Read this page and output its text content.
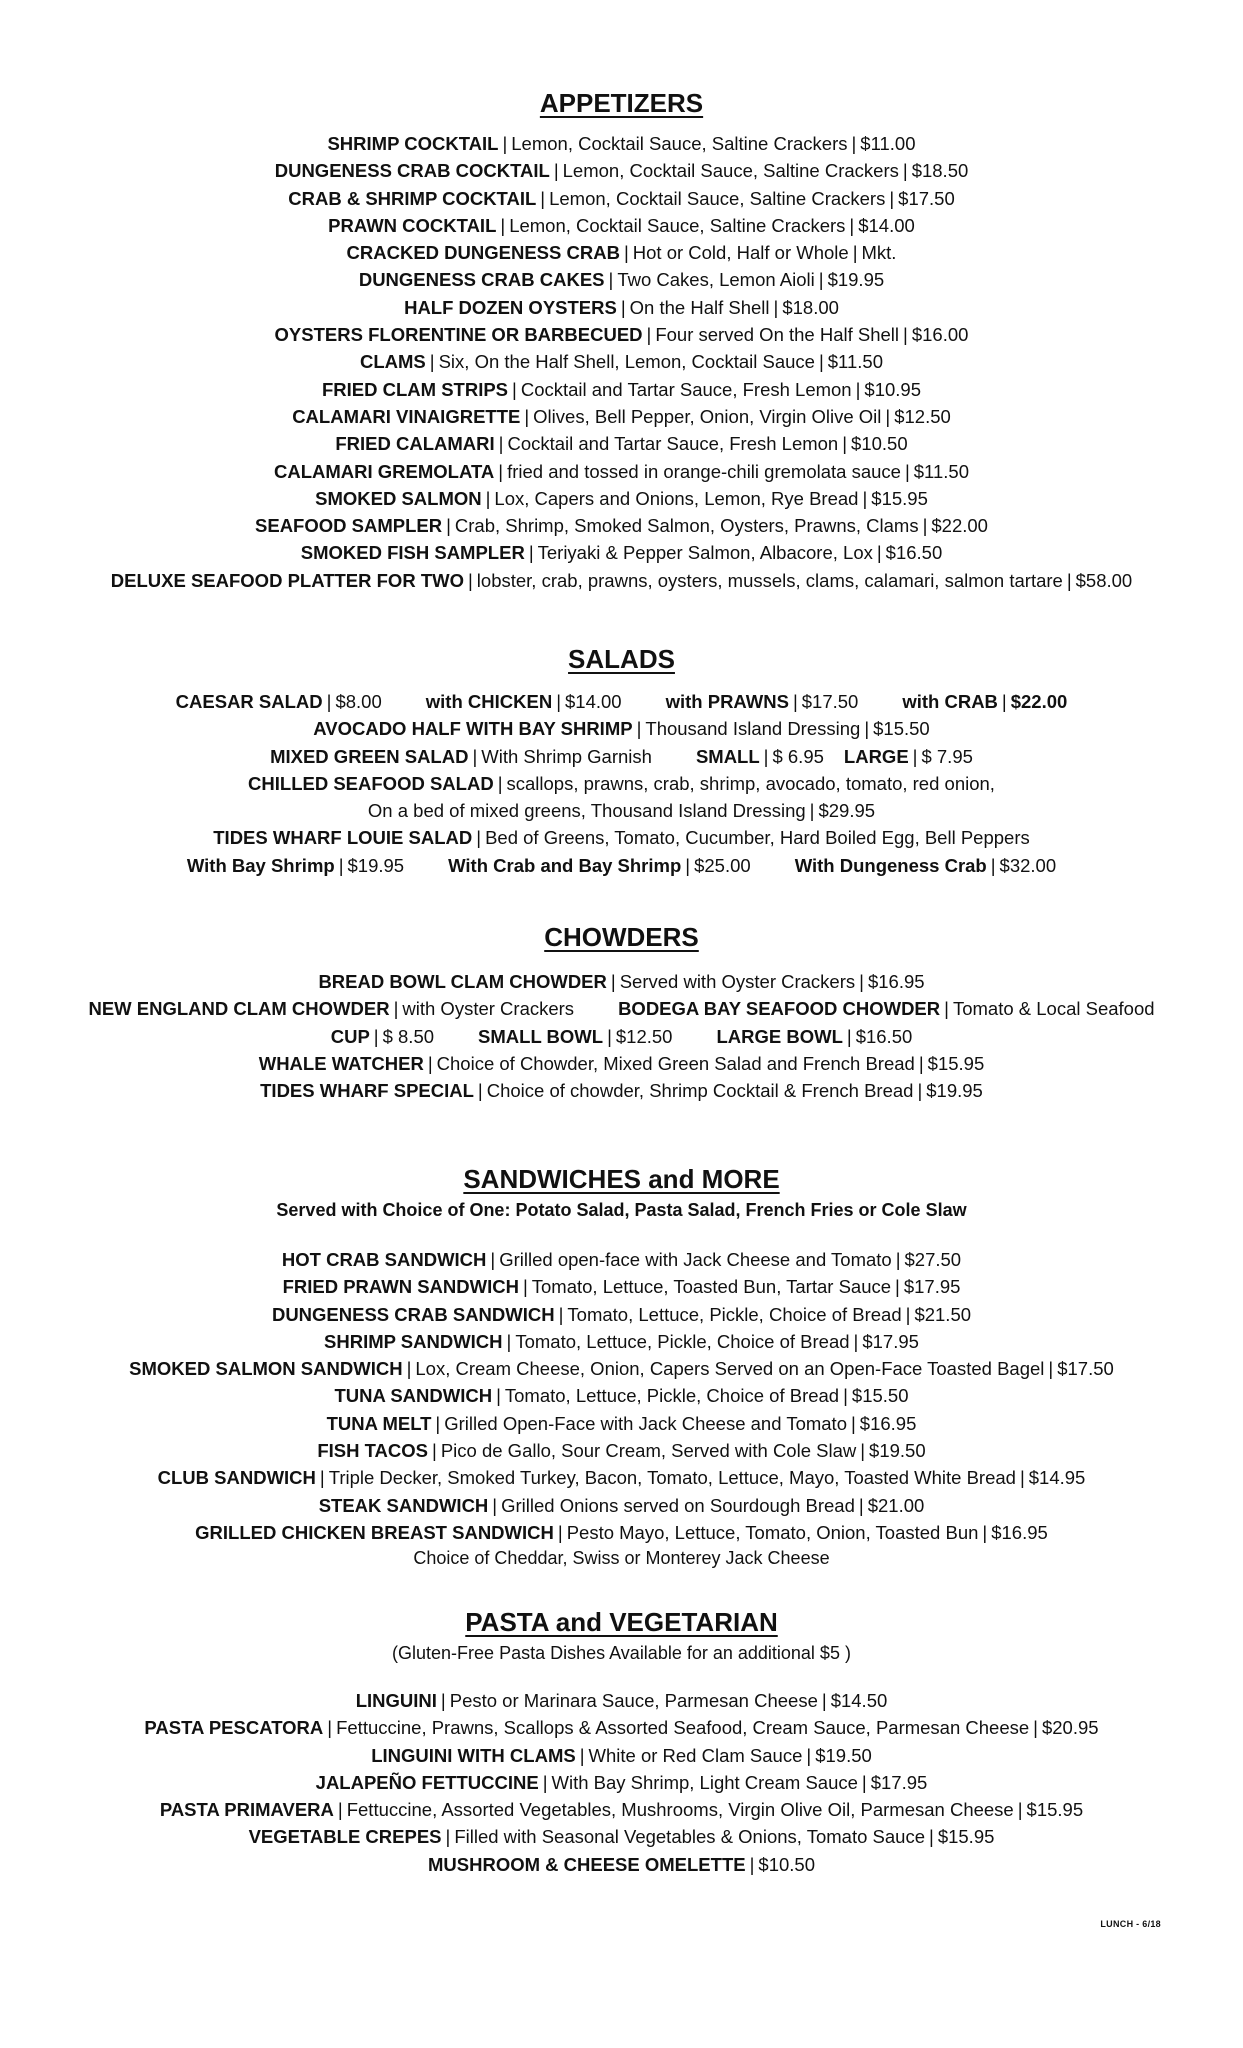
APPETIZERS
SHRIMP COCKTAIL | Lemon, Cocktail Sauce, Saltine Crackers | $11.00
DUNGENESS CRAB COCKTAIL | Lemon, Cocktail Sauce, Saltine Crackers | $18.50
CRAB & SHRIMP COCKTAIL | Lemon, Cocktail Sauce, Saltine Crackers | $17.50
PRAWN COCKTAIL | Lemon, Cocktail Sauce, Saltine Crackers | $14.00
CRACKED DUNGENESS CRAB | Hot or Cold, Half or Whole | Mkt.
DUNGENESS CRAB CAKES | Two Cakes, Lemon Aioli | $19.95
HALF DOZEN OYSTERS | On the Half Shell | $18.00
OYSTERS FLORENTINE OR BARBECUED | Four served On the Half Shell | $16.00
CLAMS | Six, On the Half Shell, Lemon, Cocktail Sauce | $11.50
FRIED CLAM STRIPS | Cocktail and Tartar Sauce, Fresh Lemon | $10.95
CALAMARI VINAIGRETTE | Olives, Bell Pepper, Onion, Virgin Olive Oil | $12.50
FRIED CALAMARI | Cocktail and Tartar Sauce, Fresh Lemon | $10.50
CALAMARI GREMOLATA | fried and tossed in orange-chili gremolata sauce | $11.50
SMOKED SALMON | Lox, Capers and Onions, Lemon, Rye Bread | $15.95
SEAFOOD SAMPLER | Crab, Shrimp, Smoked Salmon, Oysters, Prawns, Clams | $22.00
SMOKED FISH SAMPLER | Teriyaki & Pepper Salmon, Albacore, Lox | $16.50
DELUXE SEAFOOD PLATTER FOR TWO | lobster, crab, prawns, oysters, mussels, clams, calamari, salmon tartare | $58.00
SALADS
CAESAR SALAD | $8.00 with CHICKEN | $14.00 with PRAWNS | $17.50 with CRAB | $22.00
AVOCADO HALF WITH BAY SHRIMP | Thousand Island Dressing | $15.50
MIXED GREEN SALAD | With Shrimp Garnish SMALL | $ 6.95 LARGE | $ 7.95
CHILLED SEAFOOD SALAD | scallops, prawns, crab, shrimp, avocado, tomato, red onion,
On a bed of mixed greens, Thousand Island Dressing | $29.95
TIDES WHARF LOUIE SALAD | Bed of Greens, Tomato, Cucumber, Hard Boiled Egg, Bell Peppers
With Bay Shrimp | $19.95 With Crab and Bay Shrimp | $25.00 With Dungeness Crab | $32.00
CHOWDERS
BREAD BOWL CLAM CHOWDER | Served with Oyster Crackers | $16.95
NEW ENGLAND CLAM CHOWDER | with Oyster Crackers BODEGA BAY SEAFOOD CHOWDER | Tomato & Local Seafood
CUP | $ 8.50 SMALL BOWL | $12.50 LARGE BOWL | $16.50
WHALE WATCHER | Choice of Chowder, Mixed Green Salad and French Bread | $15.95
TIDES WHARF SPECIAL | Choice of chowder, Shrimp Cocktail & French Bread | $19.95
SANDWICHES and MORE

Served with Choice of One: Potato Salad, Pasta Salad, French Fries or Cole Slaw

HOT CRAB SANDWICH | Grilled open-face with Jack Cheese and Tomato | $27.50
FRIED PRAWN SANDWICH | Tomato, Lettuce, Toasted Bun, Tartar Sauce | $17.95
DUNGENESS CRAB SANDWICH | Tomato, Lettuce, Pickle, Choice of Bread | $21.50
SHRIMP SANDWICH | Tomato, Lettuce, Pickle, Choice of Bread | $17.95
SMOKED SALMON SANDWICH | Lox, Cream Cheese, Onion, Capers Served on an Open-Face Toasted Bagel | $17.50
TUNA SANDWICH | Tomato, Lettuce, Pickle, Choice of Bread | $15.50
TUNA MELT | Grilled Open-Face with Jack Cheese and Tomato | $16.95
FISH TACOS | Pico de Gallo, Sour Cream, Served with Cole Slaw | $19.50
CLUB SANDWICH | Triple Decker, Smoked Turkey, Bacon, Tomato, Lettuce, Mayo, Toasted White Bread | $14.95
STEAK SANDWICH | Grilled Onions served on Sourdough Bread | $21.00
GRILLED CHICKEN BREAST SANDWICH | Pesto Mayo, Lettuce, Tomato, Onion, Toasted Bun | $16.95

Choice of Cheddar, Swiss or Monterey Jack Cheese

PASTA and VEGETARIAN

(Gluten-Free Pasta Dishes Available for an additional $5 )

LINGUINI | Pesto or Marinara Sauce, Parmesan Cheese | $14.50
PASTA PESCATORA | Fettuccine, Prawns, Scallops & Assorted Seafood, Cream Sauce, Parmesan Cheese | $20.95
LINGUINI WITH CLAMS | White or Red Clam Sauce | $19.50
JALAPEÑO FETTUCCINE | With Bay Shrimp, Light Cream Sauce | $17.95
PASTA PRIMAVERA | Fettuccine, Assorted Vegetables, Mushrooms, Virgin Olive Oil, Parmesan Cheese | $15.95
VEGETABLE CREPES | Filled with Seasonal Vegetables & Onions, Tomato Sauce | $15.95
MUSHROOM & CHEESE OMELETTE | $10.50
LUNCH - 6/18
